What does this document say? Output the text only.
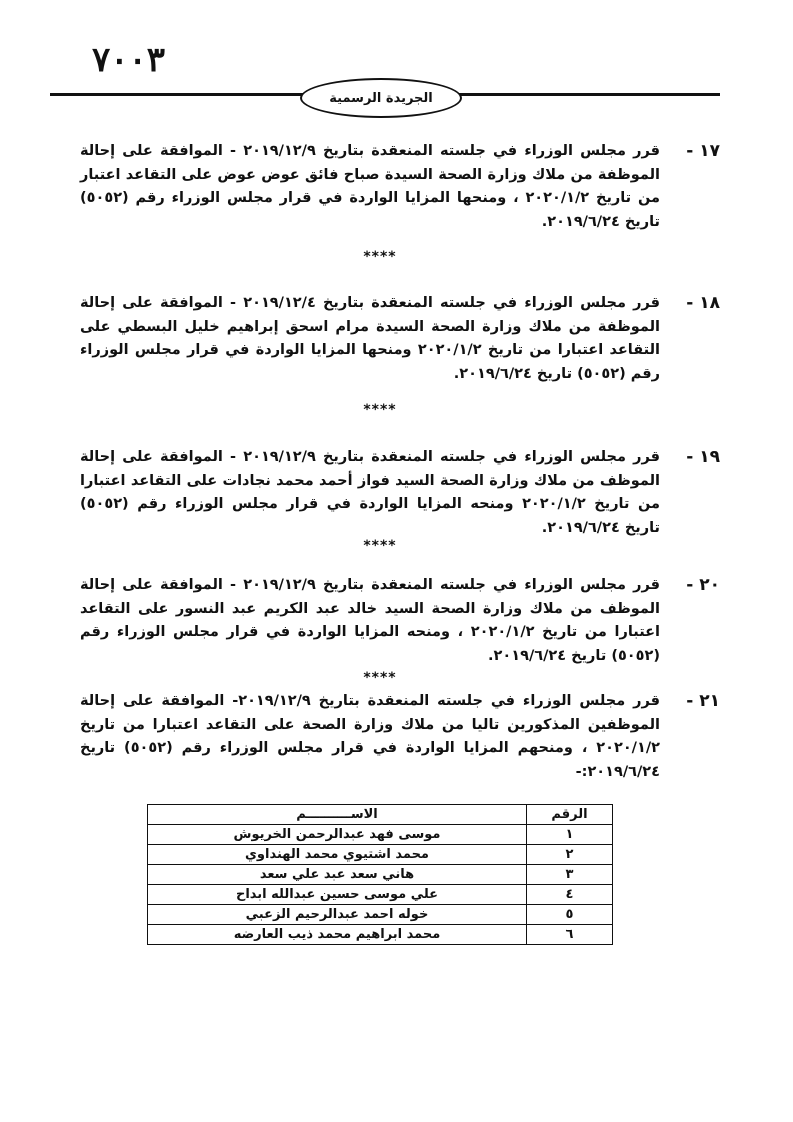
٧٠٠٣
الجريدة الرسمية
١٧ -
قرر مجلس الوزراء في جلسته المنعقدة بتاريخ ٢٠١٩/١٢/٩ - الموافقة على إحالة الموظفة من ملاك وزارة الصحة السيدة صباح فائق عوض عوض على التقاعد اعتبار من تاريخ ٢٠٢٠/١/٢ ، ومنحها المزايا الواردة في قرار مجلس الوزراء رقم (٥٠٥٢) تاريخ ٢٠١٩/٦/٢٤.
****
١٨ -
قرر مجلس الوزراء في جلسته المنعقدة بتاريخ ٢٠١٩/١٢/٤ - الموافقة على إحالة الموظفة من ملاك وزارة الصحة السيدة مرام اسحق إبراهيم خليل البسطي على التقاعد اعتبارا من تاريخ ٢٠٢٠/١/٢ ومنحها المزايا الواردة في قرار مجلس الوزراء رقم (٥٠٥٢) تاريخ ٢٠١٩/٦/٢٤.
****
١٩ -
قرر مجلس الوزراء في جلسته المنعقدة بتاريخ ٢٠١٩/١٢/٩ - الموافقة على إحالة الموظف من ملاك وزارة الصحة السيد فواز أحمد محمد نجادات على التقاعد اعتبارا من تاريخ ٢٠٢٠/١/٢ ومنحه المزايا الواردة في قرار مجلس الوزراء رقم (٥٠٥٢) تاريخ ٢٠١٩/٦/٢٤.
****
٢٠ -
قرر مجلس الوزراء في جلسته المنعقدة بتاريخ ٢٠١٩/١٢/٩ - الموافقة على إحالة الموظف من ملاك وزارة الصحة السيد خالد عبد الكريم عبد النسور على التقاعد اعتبارا من تاريخ ٢٠٢٠/١/٢ ، ومنحه المزايا الواردة في قرار مجلس الوزراء رقم (٥٠٥٢) تاريخ ٢٠١٩/٦/٢٤.
****
٢١ -
قرر مجلس الوزراء في جلسته المنعقدة بتاريخ ٢٠١٩/١٢/٩- الموافقة على إحالة الموظفين المذكورين تاليا من ملاك وزارة الصحة على التقاعد اعتبارا من تاريخ ٢٠٢٠/١/٢ ، ومنحهم المزايا الواردة في قرار مجلس الوزراء رقم (٥٠٥٢) تاريخ ٢٠١٩/٦/٢٤:-
الرقم	الاســــــــــم
١	موسى فهد عبدالرحمن الخريوش
٢	محمد اشتيوي محمد الهنداوي
٣	هاني سعد عبد علي سعد
٤	علي موسى حسين عبدالله ابداح
٥	خوله احمد عبدالرحيم الزعبي
٦	محمد ابراهيم محمد ذيب العارضه
